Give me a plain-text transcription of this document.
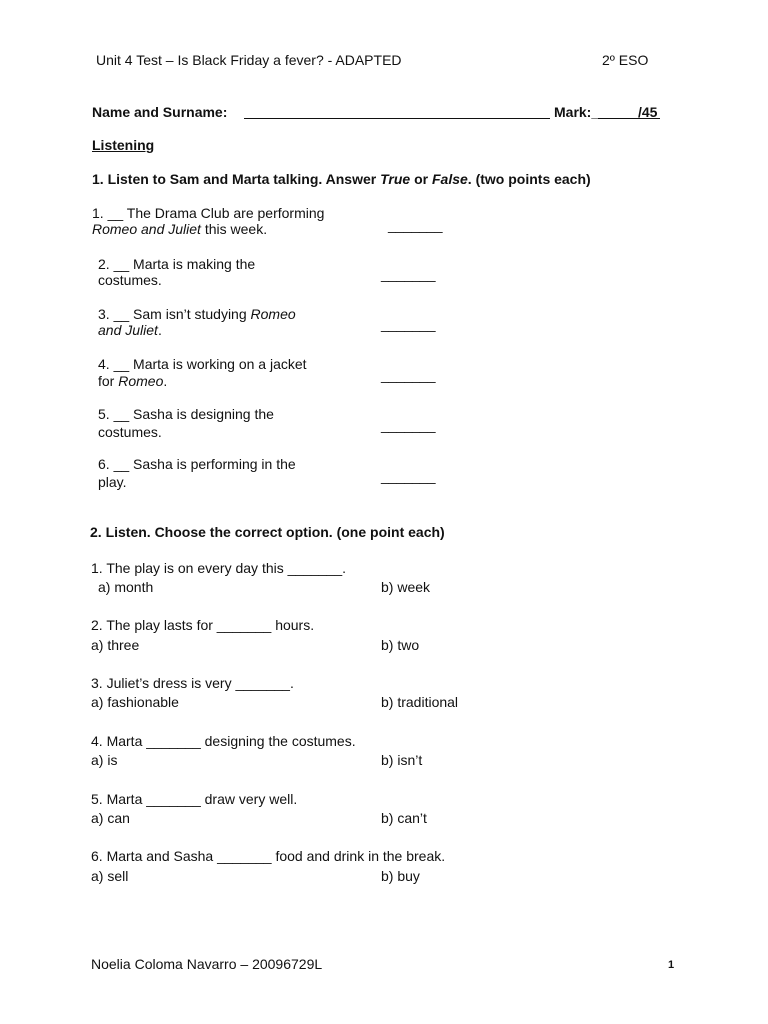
Unit 4 Test – Is Black Friday a fever? - ADAPTED	2º ESO
Name and Surname:	Mark:___ /45
Listening
1. Listen to Sam and Marta talking. Answer True or False. (two points each)
1. __ The Drama Club are performing
Romeo and Juliet this week.	_______
2. __ Marta is making the
costumes.	_______
3. __ Sam isn’t studying Romeo
and Juliet.	_______
4. __ Marta is working on a jacket
for Romeo.	_______
5. __ Sasha is designing the
costumes.	_______
6. __ Sasha is performing in the
play.	_______
2. Listen. Choose the correct option. (one point each)
1. The play is on every day this _______.
a) month	b) week
2. The play lasts for _______ hours.
a) three	b) two
3. Juliet’s dress is very _______.
a) fashionable	b) traditional
4. Marta _______ designing the costumes.
a) is	b) isn’t
5. Marta _______ draw very well.
a) can	b) can’t
6. Marta and Sasha _______ food and drink in the break.
a) sell	b) buy
Noelia Coloma Navarro – 20096729L	1
